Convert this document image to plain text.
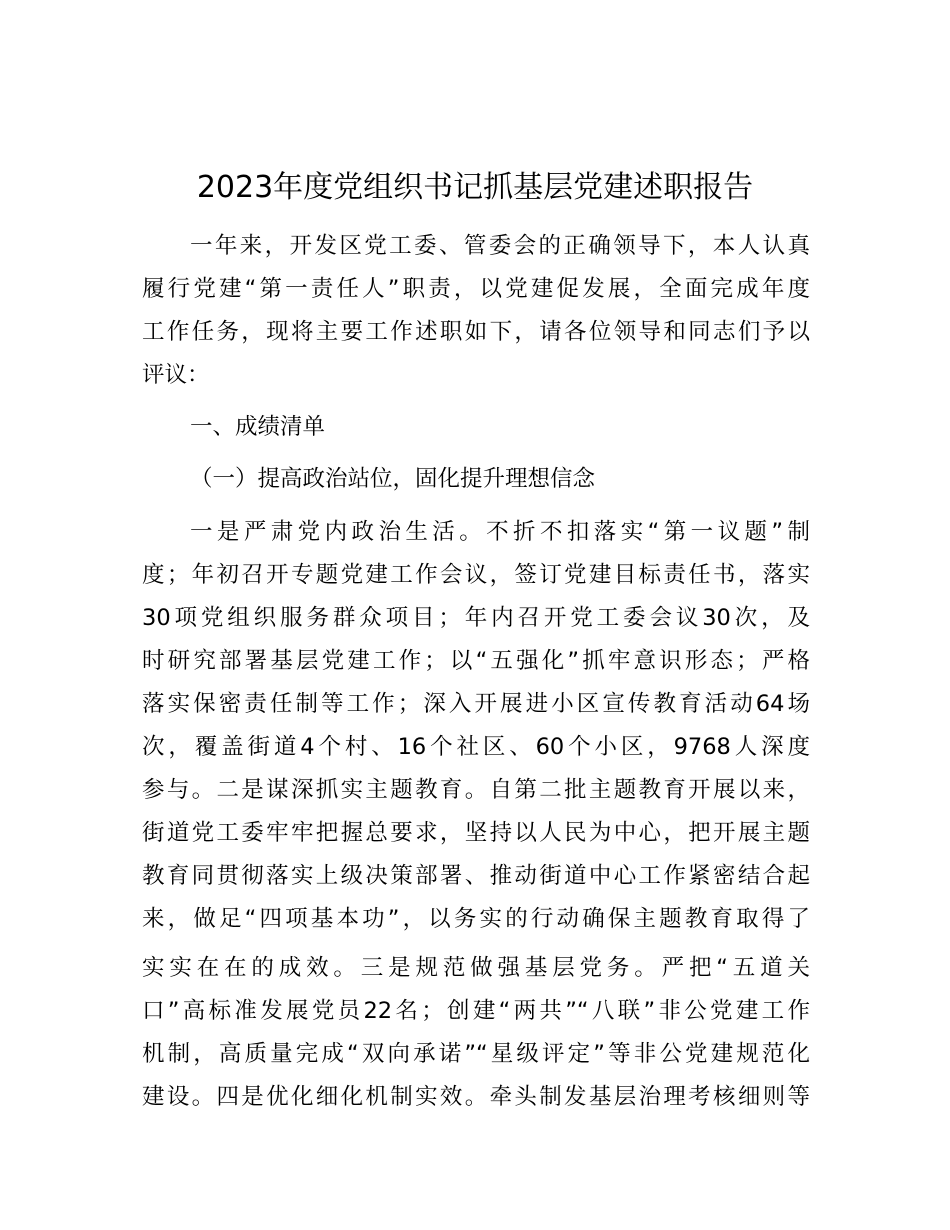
2023年度党组织书记抓基层党建述职报告
一年来，开发区党工委、管委会的正确领导下，本人认真
履行党建“第一责任人”职责，以党建促发展，全面完成年度
工作任务，现将主要工作述职如下，请各位领导和同志们予以
评议：
一、成绩清单
（一）提高政治站位，固化提升理想信念
一是严肃党内政治生活。不折不扣落实“第一议题”制
度；年初召开专题党建工作会议，签订党建目标责任书，落实
30项党组织服务群众项目；年内召开党工委会议30次，及
时研究部署基层党建工作；以“五强化”抓牢意识形态；严格
落实保密责任制等工作；深入开展进小区宣传教育活动64场
次，覆盖街道4个村、16个社区、60个小区，9768人深度
参与。二是谋深抓实主题教育。自第二批主题教育开展以来，
街道党工委牢牢把握总要求，坚持以人民为中心，把开展主题
教育同贯彻落实上级决策部署、推动街道中心工作紧密结合起
来，做足“四项基本功”，以务实的行动确保主题教育取得了
实实在在的成效。三是规范做强基层党务。严把“五道关
口”高标准发展党员22名；创建“两共”“八联”非公党建工作
机制，高质量完成“双向承诺”“星级评定”等非公党建规范化
建设。四是优化细化机制实效。牵头制发基层治理考核细则等
